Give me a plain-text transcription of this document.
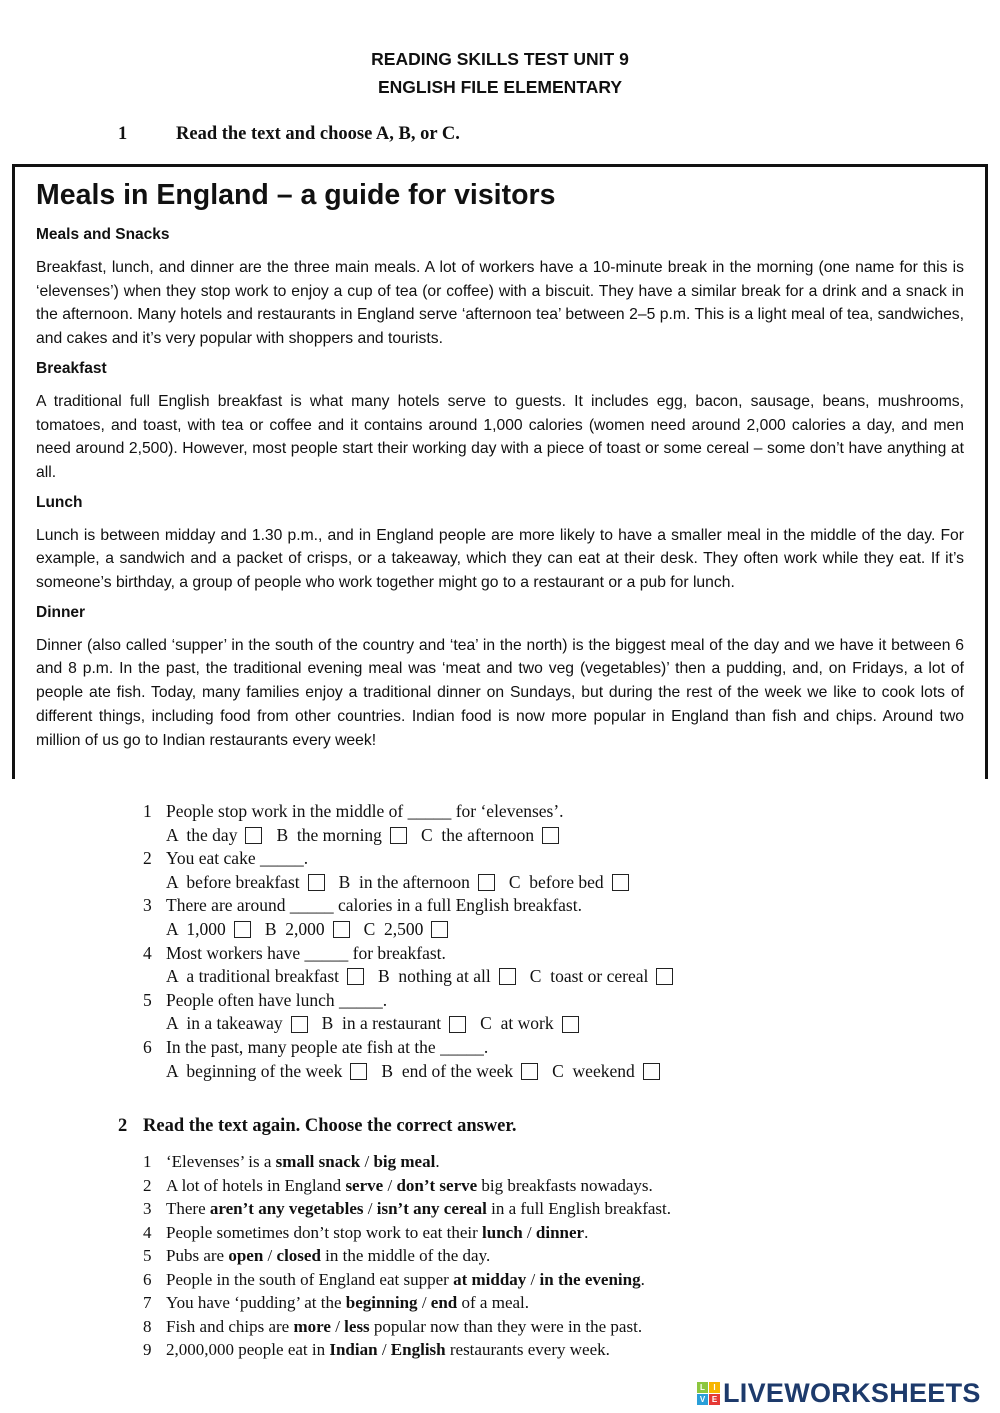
READING SKILLS TEST UNIT 9
ENGLISH FILE ELEMENTARY
1	Read the text and choose A, B, or C.
Meals in England – a guide for visitors
Meals and Snacks

Breakfast, lunch, and dinner are the three main meals. A lot of workers have a 10-minute break in the morning (one name for this is ‘elevenses’) when they stop work to enjoy a cup of tea (or coffee) with a biscuit. They have a similar break for a drink and a snack in the afternoon. Many hotels and restaurants in England serve ‘afternoon tea’ between 2–5 p.m. This is a light meal of tea, sandwiches, and cakes and it’s very popular with shoppers and tourists.

Breakfast

A traditional full English breakfast is what many hotels serve to guests. It includes egg, bacon, sausage, beans, mushrooms, tomatoes, and toast, with tea or coffee and it contains around 1,000 calories (women need around 2,000 calories a day, and men need around 2,500). However, most people start their working day with a piece of toast or some cereal – some don’t have anything at all.

Lunch

Lunch is between midday and 1.30 p.m., and in England people are more likely to have a smaller meal in the middle of the day. For example, a sandwich and a packet of crisps, or a takeaway, which they can eat at their desk. They often work while they eat. If it’s someone’s birthday, a group of people who work together might go to a restaurant or a pub for lunch.

Dinner

Dinner (also called ‘supper’ in the south of the country and ‘tea’ in the north) is the biggest meal of the day and we have it between 6 and 8 p.m. In the past, the traditional evening meal was ‘meat and two veg (vegetables)’ then a pudding, and, on Fridays, a lot of people ate fish. Today, many families enjoy a traditional dinner on Sundays, but during the rest of the week we like to cook lots of different things, including food from other countries. Indian food is now more popular in England than fish and chips. Around two million of us go to Indian restaurants every week!

1 People stop work in the middle of _____ for ‘elevenses’.
A  the day B  the morning C  the afternoon
2 You eat cake _____.
A  before breakfast B  in the afternoon C  before bed
3 There are around _____ calories in a full English breakfast.
A  1,000 B  2,000 C  2,500
4 Most workers have _____ for breakfast.
A  a traditional breakfast B  nothing at all C  toast or cereal
5 People often have lunch _____.
A  in a takeaway B  in a restaurant C  at work
6 In the past, many people ate fish at the _____.
A  beginning of the week B  end of the week C  weekend
2 Read the text again. Choose the correct answer.
1 ‘Elevenses’ is a small snack / big meal .
2 A lot of hotels in England serve / don’t serve big breakfasts nowadays.
3 There aren’t any vegetables / isn’t any cereal in a full English breakfast.
4 People sometimes don’t stop work to eat their lunch / dinner .
5 Pubs are open / closed in the middle of the day.
6 People in the south of England eat supper at midday / in the evening .
7 You have ‘pudding’ at the beginning / end of a meal.
8 Fish and chips are more / less popular now than they were in the past.
9 2,000,000 people eat in Indian / English restaurants every week.
L	I
V E LIVEWORKSHEETS
